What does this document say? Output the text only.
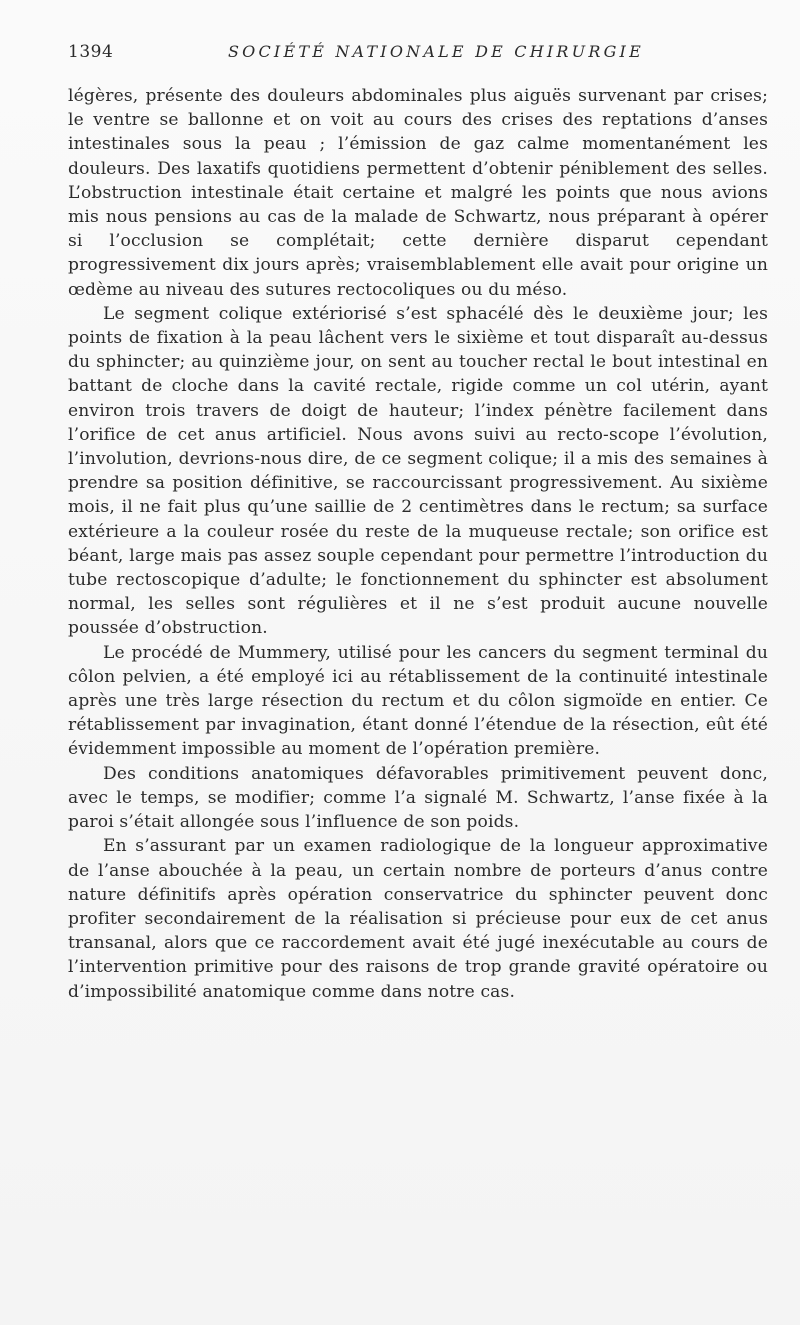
1394	SOCIÉTÉ NATIONALE DE CHIRURGIE

légères, présente des douleurs abdominales plus aiguës survenant par crises; le ventre se ballonne et on voit au cours des crises des reptations d’anses intestinales sous la peau ; l’émission de gaz calme momentanément les douleurs. Des laxatifs quotidiens permettent d’obtenir péniblement des selles. L’obstruction intestinale était certaine et malgré les points que nous avions mis nous pensions au cas de la malade de Schwartz, nous préparant à opérer si l’occlusion se complétait; cette dernière disparut cependant progressivement dix jours après; vraisemblablement elle avait pour origine un œdème au niveau des sutures rectocoliques ou du méso.

Le segment colique extériorisé s’est sphacélé dès le deuxième jour; les points de fixation à la peau lâchent vers le sixième et tout disparaît au-dessus du sphincter; au quinzième jour, on sent au toucher rectal le bout intestinal en battant de cloche dans la cavité rectale, rigide comme un col utérin, ayant environ trois travers de doigt de hauteur; l’index pénètre facilement dans l’orifice de cet anus artificiel. Nous avons suivi au recto-scope l’évolution, l’involution, devrions-nous dire, de ce segment colique; il a mis des semaines à prendre sa position définitive, se raccourcissant progressivement. Au sixième mois, il ne fait plus qu’une saillie de 2 centimètres dans le rectum; sa surface extérieure a la couleur rosée du reste de la muqueuse rectale; son orifice est béant, large mais pas assez souple cependant pour permettre l’introduction du tube rectoscopique d’adulte; le fonctionnement du sphincter est absolument normal, les selles sont régulières et il ne s’est produit aucune nouvelle poussée d’obstruction.

Le procédé de Mummery, utilisé pour les cancers du segment terminal du côlon pelvien, a été employé ici au rétablissement de la continuité intestinale après une très large résection du rectum et du côlon sigmoïde en entier. Ce rétablissement par invagination, étant donné l’étendue de la résection, eût été évidemment impossible au moment de l’opération première.

Des conditions anatomiques défavorables primitivement peuvent donc, avec le temps, se modifier; comme l’a signalé M. Schwartz, l’anse fixée à la paroi s’était allongée sous l’influence de son poids.

En s’assurant par un examen radiologique de la longueur approximative de l’anse abouchée à la peau, un certain nombre de porteurs d’anus contre nature définitifs après opération conservatrice du sphincter peuvent donc profiter secondairement de la réalisation si précieuse pour eux de cet anus transanal, alors que ce raccordement avait été jugé inexécutable au cours de l’intervention primitive pour des raisons de trop grande gravité opératoire ou d’impossibilité anatomique comme dans notre cas.
